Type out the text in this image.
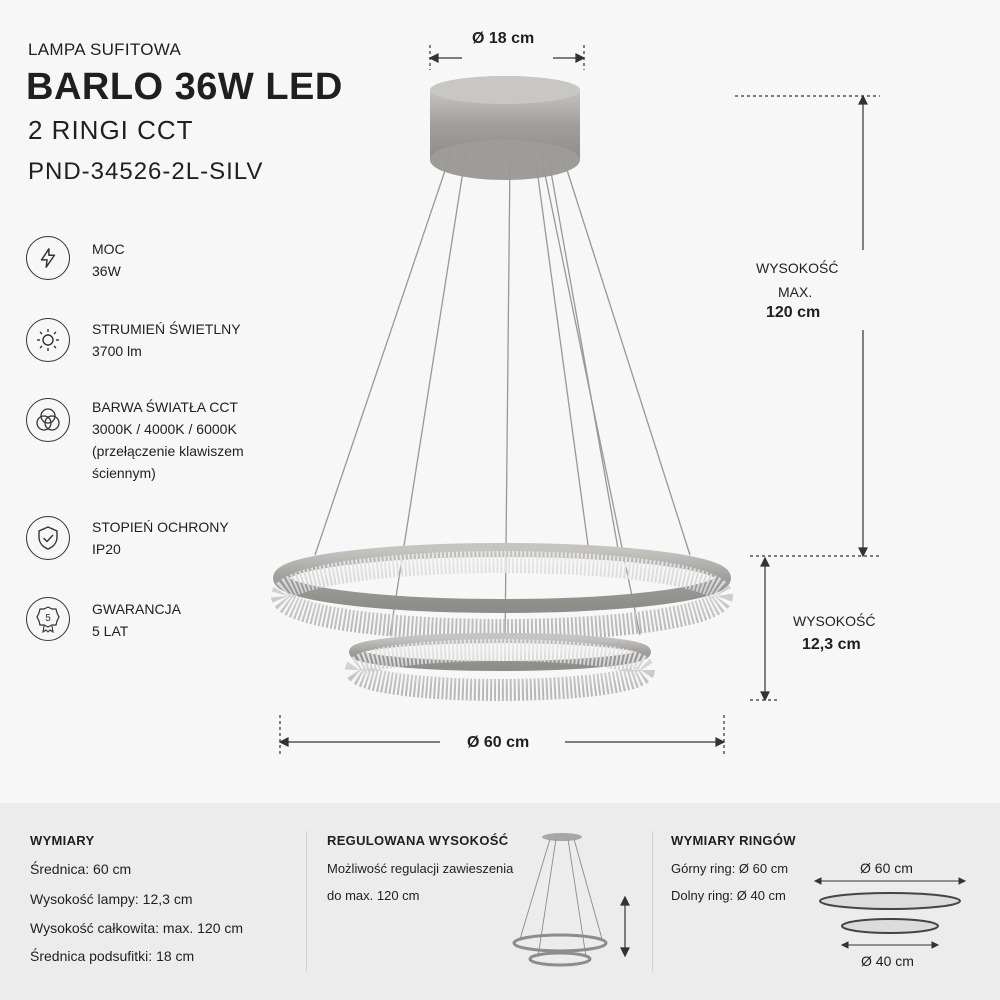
LAMPA SUFITOWA
BARLO 36W LED
2 RINGI CCT
PND-34526-2L-SILV
MOC
36W
STRUMIEŃ ŚWIETLNY
3700 lm
BARWA ŚWIATŁA CCT
3000K / 4000K / 6000K
(przełączenie klawiszem
ściennym)
STOPIEŃ OCHRONY
IP20
5
GWARANCJA
5 LAT
Ø 18 cm
WYSOKOŚĆ
MAX.
120 cm
WYSOKOŚĆ
12,3 cm
Ø 60 cm
WYMIARY
Średnica: 60 cm
Wysokość lampy: 12,3 cm
Wysokość całkowita: max. 120 cm
Średnica podsufitki: 18 cm
REGULOWANA WYSOKOŚĆ
Możliwość regulacji zawieszenia
do max. 120 cm
WYMIARY RINGÓW
Górny ring: Ø 60 cm
Dolny ring: Ø 40 cm
Ø 60 cm
Ø 40 cm
